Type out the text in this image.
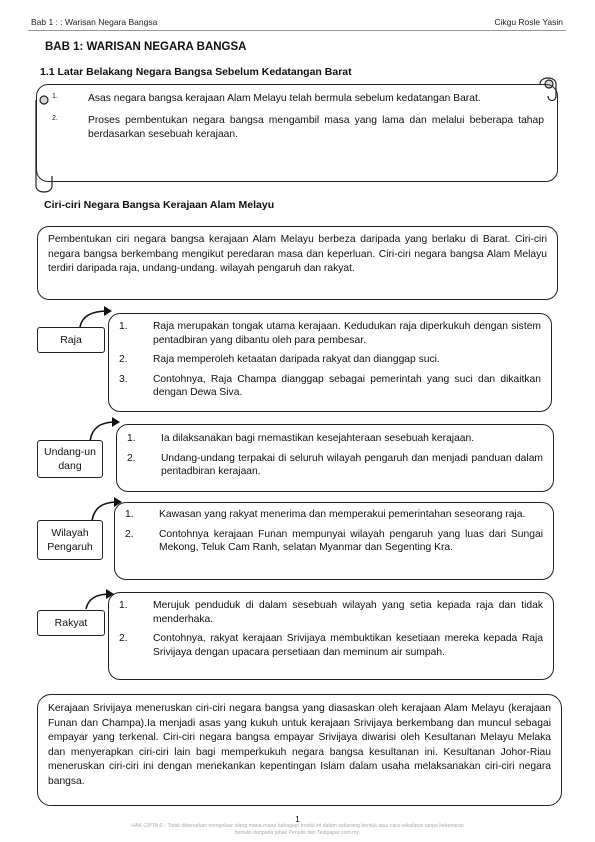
Bab 1 : : Warisan Negara Bangsa	Cikgu Rosle Yasin
BAB 1: WARISAN NEGARA BANGSA
1.1 Latar Belakang Negara Bangsa Sebelum Kedatangan Barat
1.	Asas negara bangsa kerajaan Alam Melayu telah bermula sebelum kedatangan Barat.
2.	Proses pembentukan negara bangsa mengambil masa yang lama dan melalui beberapa tahap berdasarkan sesebuah kerajaan.
Ciri-ciri Negara Bangsa Kerajaan Alam Melayu
Pembentukan ciri negara bangsa kerajaan Alam Melayu berbeza daripada yang berlaku di Barat. Ciri-ciri negara bangsa berkembang mengikut peredaran masa dan keperluan. Ciri-ciri negara bangsa Alam Melayu terdiri daripada raja, undang-undang. wilayah pengaruh dan rakyat.
Raja
1. Raja merupakan tongak utama kerajaan. Kedudukan raja diperkukuh dengan sistem pentadbiran yang dibantu oleh para pembesar.
2. Raja memperoleh ketaatan daripada rakyat dan dianggap suci.
3. Contohnya, Raja Champa dianggap sebagai pemerintah yang suci dan dikaitkan dengan Dewa Siva.
Undang-undang
1. Ia dilaksanakan bagi rnemastikan kesejahteraan sesebuah kerajaan.
2. Undang-undang terpakai di seluruh wilayah pengaruh dan menjadi panduan dalam pentadbiran kerajaan.
Wilayah Pengaruh
1. Kawasan yang rakyat menerima dan memperakui pemerintahan seseorang raja.
2. Contohnya kerajaan Funan mempunyai wilayah pengaruh yang luas dari Sungai Mekong, Teluk Cam Ranh, selatan Myanmar dan Segenting Kra.
Rakyat
1. Merujuk penduduk di dalam sesebuah wilayah yang setia kepada raja dan tidak menderhaka.
2. Contohnya, rakyat kerajaan Srivijaya membuktikan kesetiaan mereka kepada Raja Srivijaya dengan upacara persetiaan dan meminum air sumpah.
Kerajaan Srivijaya meneruskan ciri-ciri negara bangsa yang diasaskan oleh kerajaan Alam Melayu (kerajaan Funan dan Champa).Ia menjadi asas yang kukuh untuk kerajaan Srivijaya berkembang dan muncul sebagai empayar yang terkenal. Ciri-ciri negara bangsa empayar Srivijaya diwarisi oleh Kesultanan Melayu Melaka dan menyerapkan ciri-ciri lain bagi memperkukuh negara bangsa kesultanan ini. Kesultanan Johor-Riau meneruskan ciri-ciri ini dengan menekankan kepentingan Islam dalam usaha melaksanakan ciri-ciri negara bangsa.
1
HAK CIPTA © : Tidak dibenarkan mengeluar ulang mana-mana bahagian modul ini dalam sebarang bentuk atau cara sekalipun tanpa kebenaran bertulis daripada pihak Penulis dan Testpaper.com.my.
